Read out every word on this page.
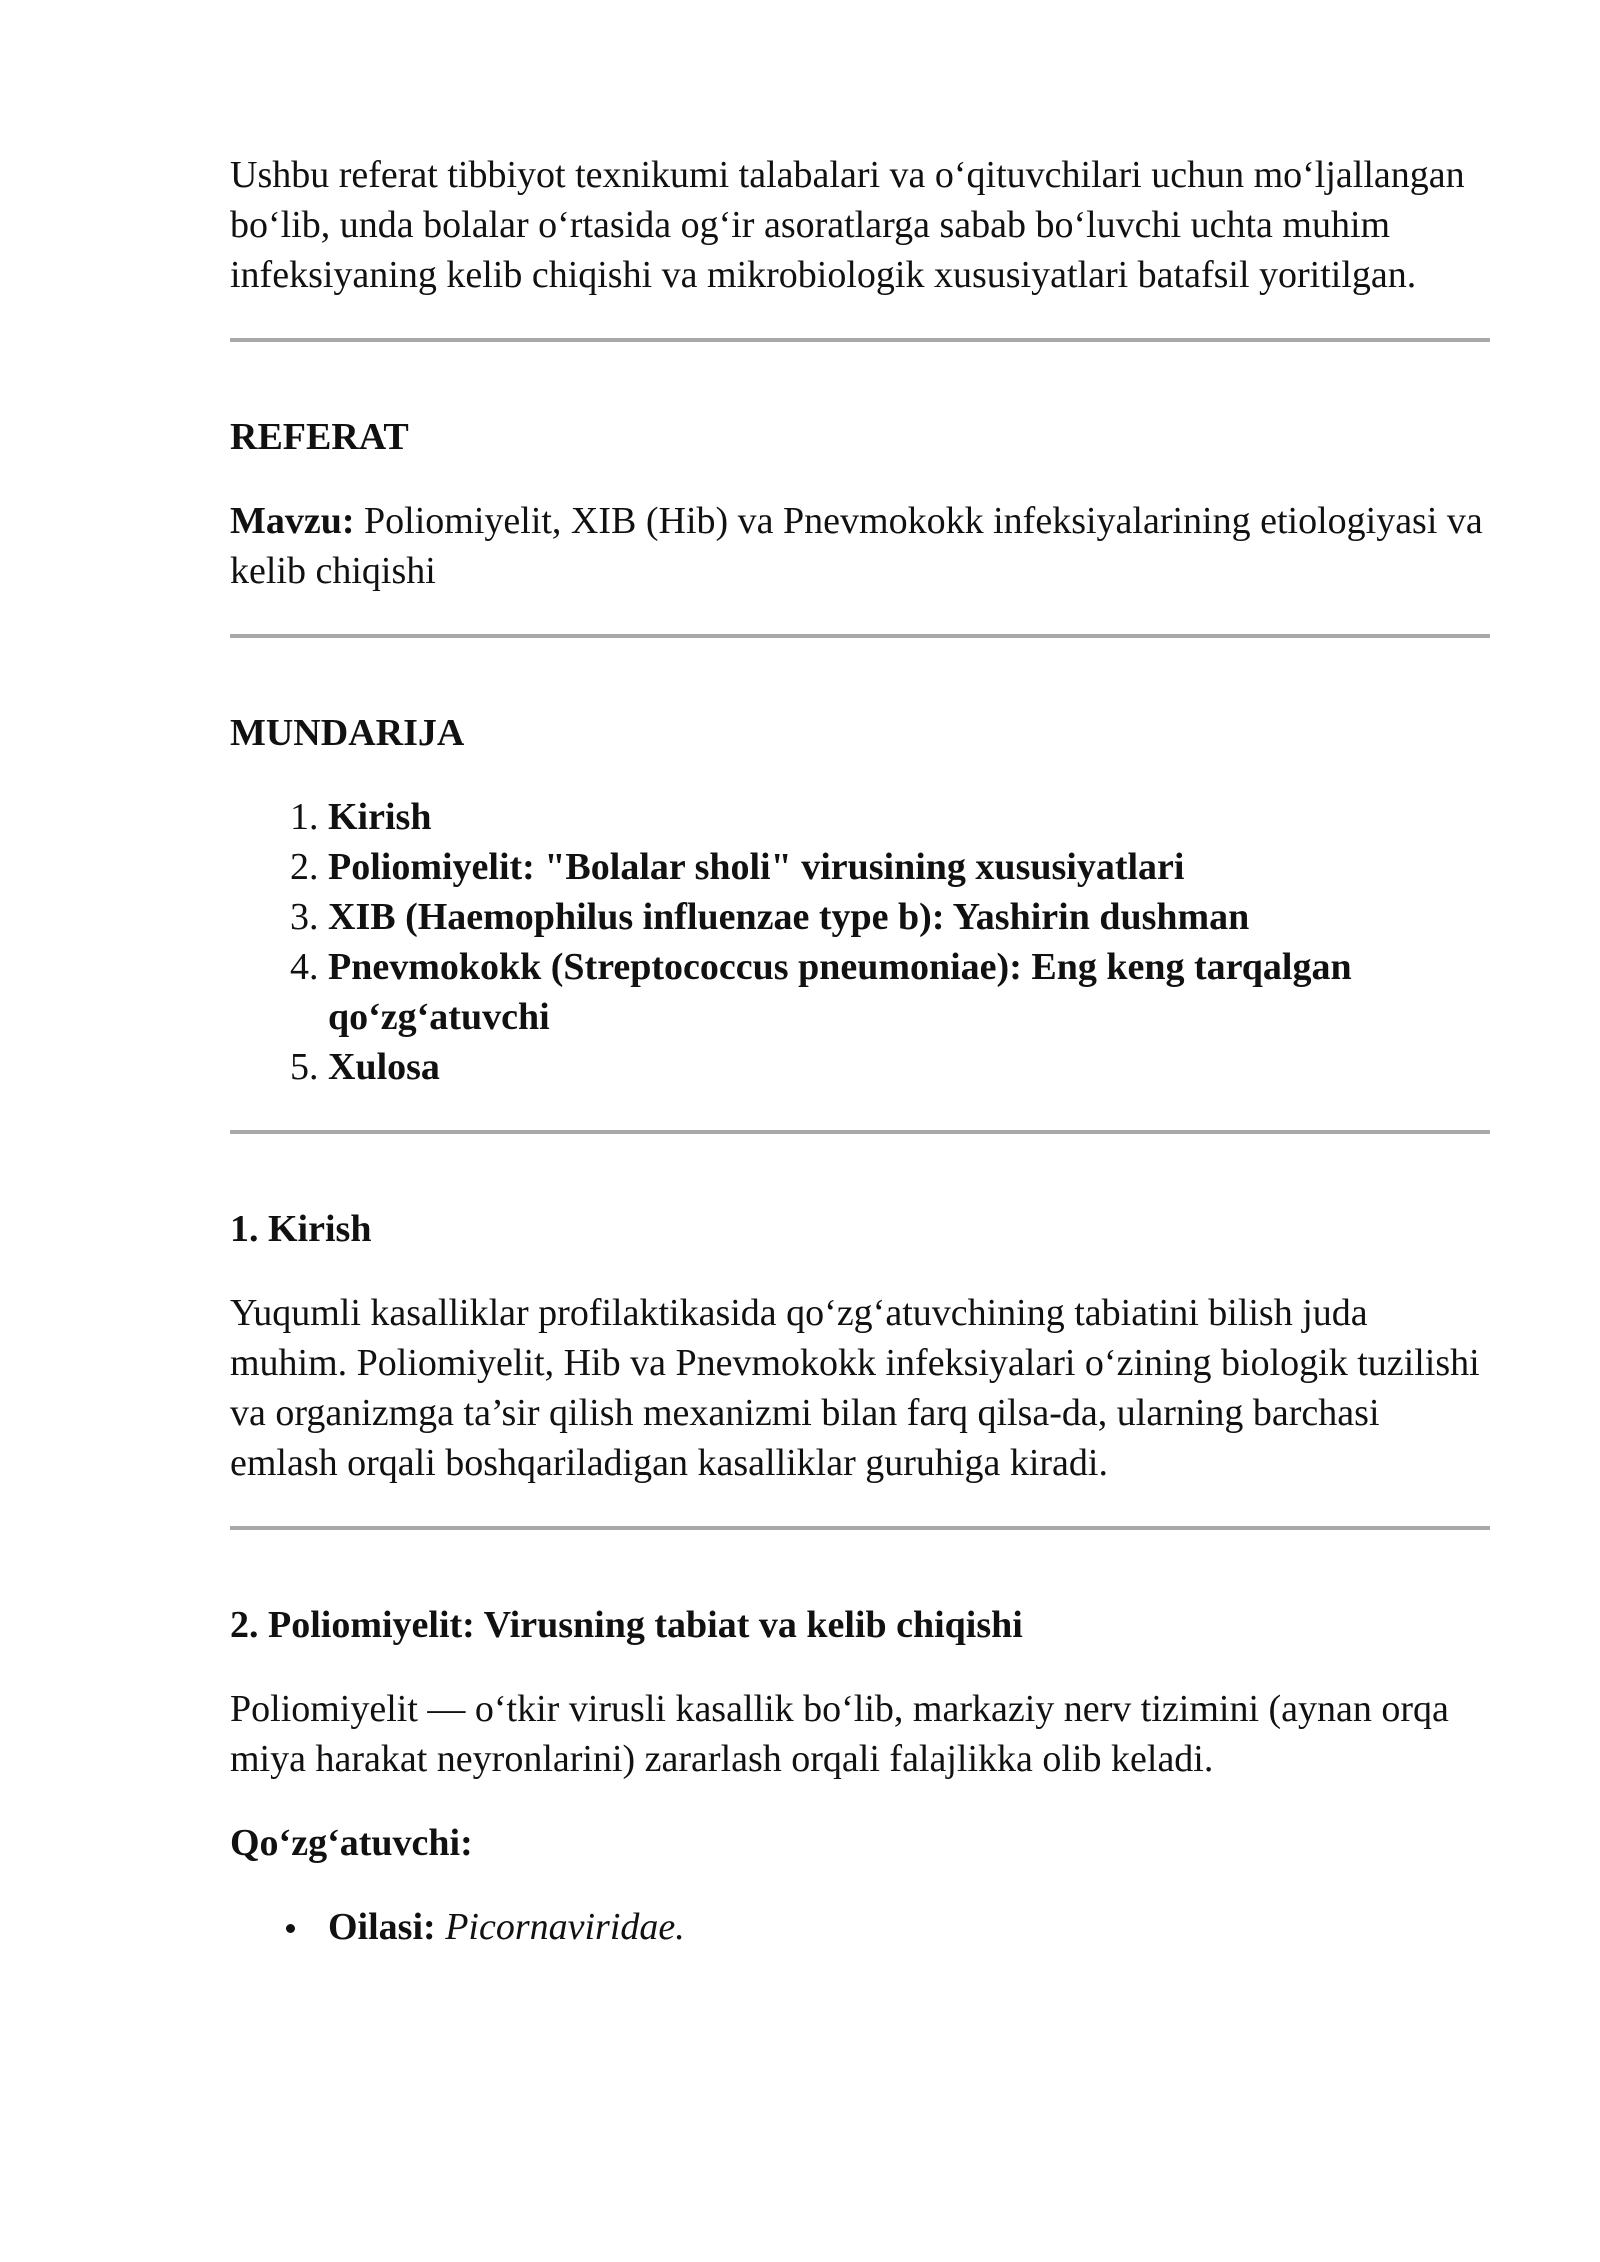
Ushbu referat tibbiyot texnikumi talabalari va o‘qituvchilari uchun mo‘ljallangan bo‘lib, unda bolalar o‘rtasida og‘ir asoratlarga sabab bo‘luvchi uchta muhim infeksiyaning kelib chiqishi va mikrobiologik xususiyatlari batafsil yoritilgan.

REFERAT

Mavzu: Poliomiyelit, XIB (Hib) va Pnevmokokk infeksiyalarining etiologiyasi va kelib chiqishi

MUNDARIJA

1. Kirish
2. Poliomiyelit: "Bolalar sholi" virusining xususiyatlari
3. XIB (Haemophilus influenzae type b): Yashirin dushman
4. Pnevmokokk (Streptococcus pneumoniae): Eng keng tarqalgan qo‘zg‘atuvchi
5. Xulosa

1. Kirish

Yuqumli kasalliklar profilaktikasida qo‘zg‘atuvchining tabiatini bilish juda muhim. Poliomiyelit, Hib va Pnevmokokk infeksiyalari o‘zining biologik tuzilishi va organizmga ta’sir qilish mexanizmi bilan farq qilsa-da, ularning barchasi emlash orqali boshqariladigan kasalliklar guruhiga kiradi.

2. Poliomiyelit: Virusning tabiat va kelib chiqishi

Poliomiyelit — o‘tkir virusli kasallik bo‘lib, markaziy nerv tizimini (aynan orqa miya harakat neyronlarini) zararlash orqali falajlikka olib keladi.

Qo‘zg‘atuvchi:

Oilasi: Picornaviridae.
